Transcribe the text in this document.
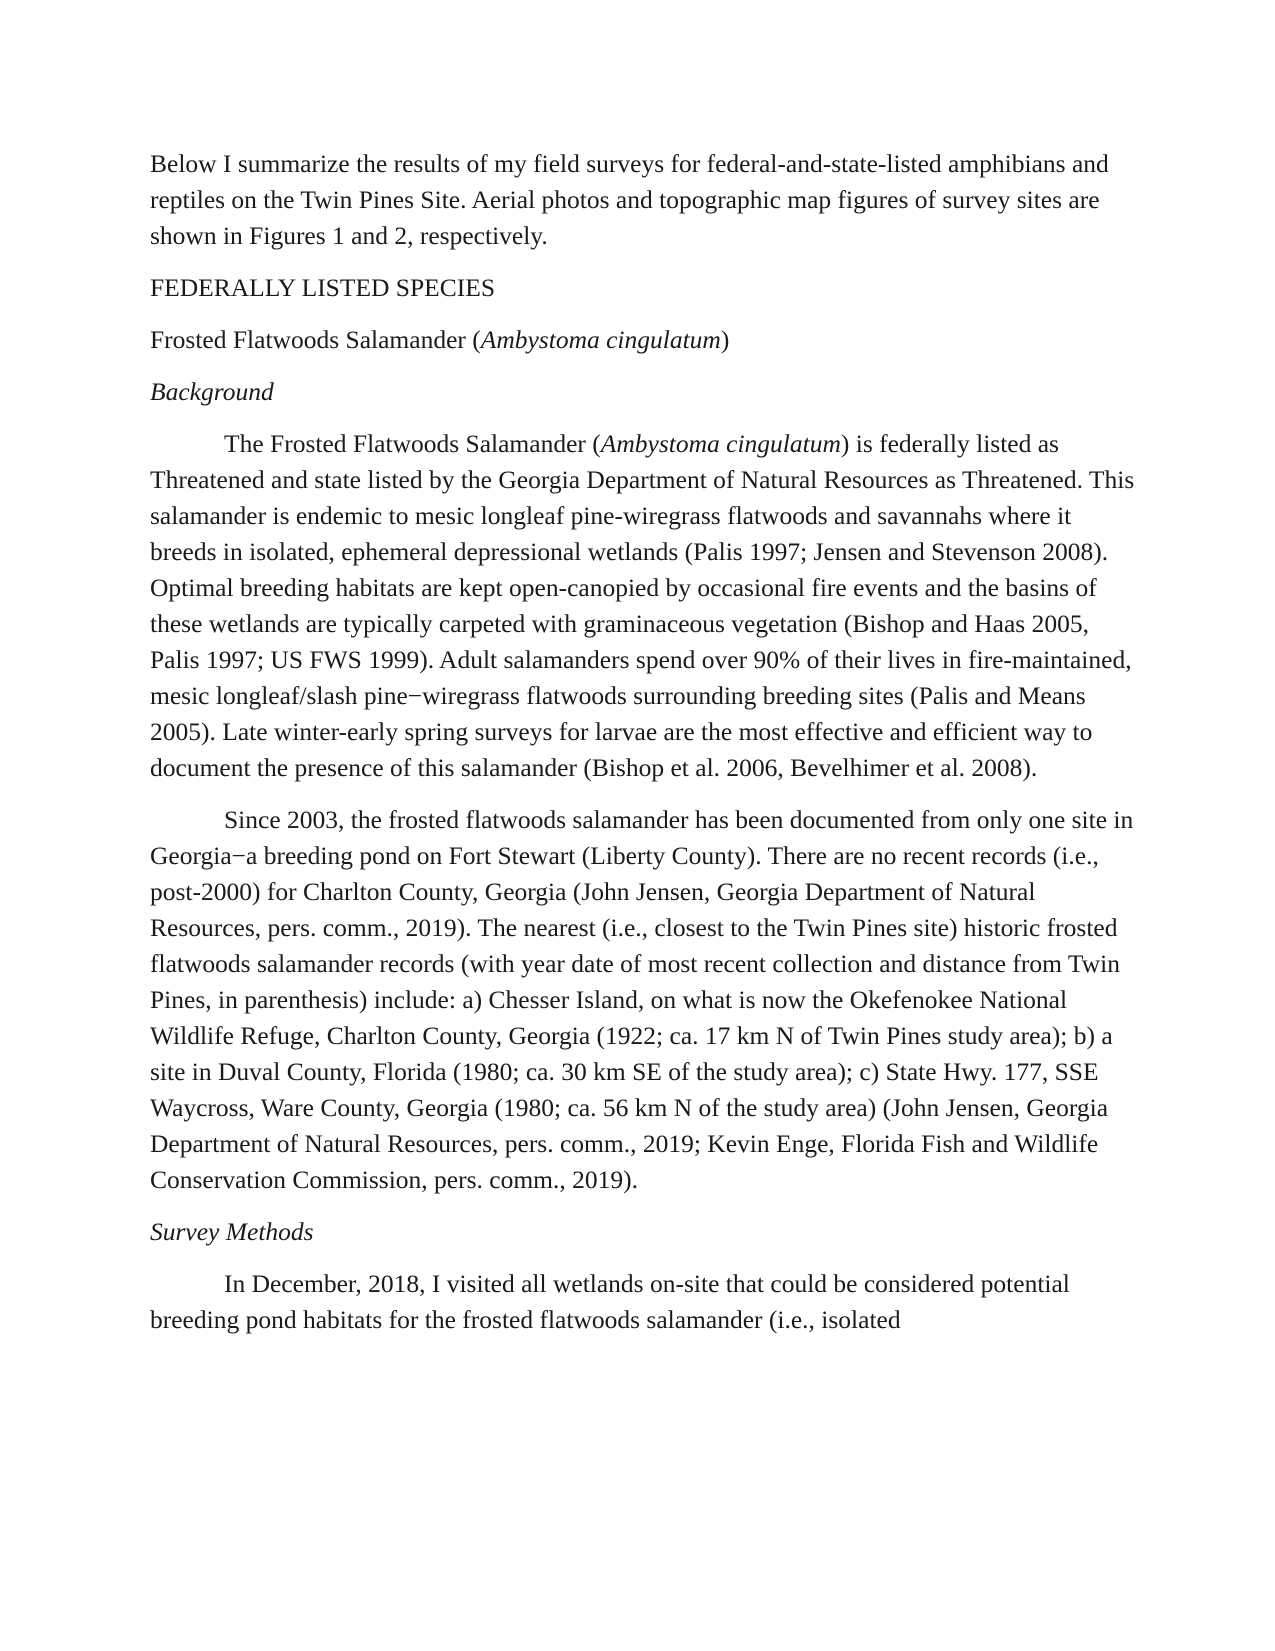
Below I summarize the results of my field surveys for federal-and-state-listed amphibians and reptiles on the Twin Pines Site. Aerial photos and topographic map figures of survey sites are shown in Figures 1 and 2, respectively.

FEDERALLY LISTED SPECIES

Frosted Flatwoods Salamander (Ambystoma cingulatum)

Background

The Frosted Flatwoods Salamander (Ambystoma cingulatum) is federally listed as Threatened and state listed by the Georgia Department of Natural Resources as Threatened. This salamander is endemic to mesic longleaf pine-wiregrass flatwoods and savannahs where it breeds in isolated, ephemeral depressional wetlands (Palis 1997; Jensen and Stevenson 2008). Optimal breeding habitats are kept open-canopied by occasional fire events and the basins of these wetlands are typically carpeted with graminaceous vegetation (Bishop and Haas 2005, Palis 1997; US FWS 1999). Adult salamanders spend over 90% of their lives in fire-maintained, mesic longleaf/slash pine−wiregrass flatwoods surrounding breeding sites (Palis and Means 2005). Late winter-early spring surveys for larvae are the most effective and efficient way to document the presence of this salamander (Bishop et al. 2006, Bevelhimer et al. 2008).

Since 2003, the frosted flatwoods salamander has been documented from only one site in Georgia−a breeding pond on Fort Stewart (Liberty County). There are no recent records (i.e., post-2000) for Charlton County, Georgia (John Jensen, Georgia Department of Natural Resources, pers. comm., 2019). The nearest (i.e., closest to the Twin Pines site) historic frosted flatwoods salamander records (with year date of most recent collection and distance from Twin Pines, in parenthesis) include: a) Chesser Island, on what is now the Okefenokee National Wildlife Refuge, Charlton County, Georgia (1922; ca. 17 km N of Twin Pines study area); b) a site in Duval County, Florida (1980; ca. 30 km SE of the study area); c) State Hwy. 177, SSE Waycross, Ware County, Georgia (1980; ca. 56 km N of the study area) (John Jensen, Georgia Department of Natural Resources, pers. comm., 2019; Kevin Enge, Florida Fish and Wildlife Conservation Commission, pers. comm., 2019).

Survey Methods

In December, 2018, I visited all wetlands on-site that could be considered potential breeding pond habitats for the frosted flatwoods salamander (i.e., isolated
